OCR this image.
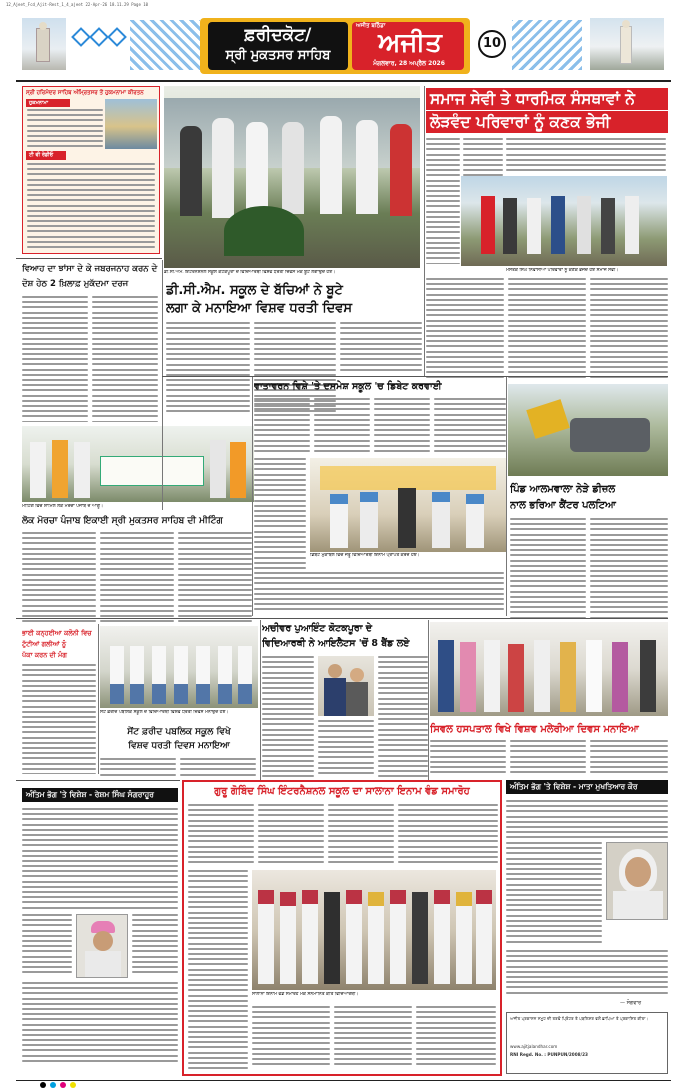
12_Ajeet_Fcd_Ajit-Rest_1_4_ajeet 22-Apr-26 18.11.29 Page 10
ਫ਼ਰੀਦਕੋਟ/
ਸ੍ਰੀ ਮੁਕਤਸਰ ਸਾਹਿਬ
ਅਜੀਤ ਬਠਿੰਡਾ
ਅਜੀਤ
ਮੰਗਲਵਾਰ, 28 ਅਪ੍ਰੈਲ 2026
10
ਸ੍ਰੀ ਹਰਿਮੰਦਰ ਸਾਹਿਬ ਅੰਮ੍ਰਿਤਸਰ ਤੋਂ ਹੁਕਮਨਾਮਾ ਕੀਰਤਨ
ਹੁਕਮਨਾਮਾ
ਟੀ ਵੀ ਰੇਡੀਓ
ਡੀ.ਸੀ.ਐਮ. ਇੰਟਰਨੈਸ਼ਨਲ ਸਕੂਲ ਕੋਟਕਪੂਰਾ ਦੇ ਵਿਦਿਆਰਥੀ ਵਿਸ਼ਵ ਧਰਤੀ ਦਿਵਸ ਮੌਕੇ ਬੂਟੇ ਲਗਾਉਂਦੇ ਹੋਏ।
ਸਮਾਜ ਸੇਵੀ ਤੇ ਧਾਰਮਿਕ ਸੰਸਥਾਵਾਂ ਨੇ
ਲੋੜਵੰਦ ਪਰਿਵਾਰਾਂ ਨੂੰ ਕਣਕ ਭੇਜੀ
ਮਸਤਕ ਸਿੰਘ ਨਿਵਾਸੀਆਂ ਪਰਿਵਾਰਾਂ ਨੂੰ ਕਣਕ ਭੇਜਦੇ ਹੋਏ ਸਮਾਜ ਸੇਵੀ।
ਵਿਆਹ ਦਾ ਝਾਂਸਾ ਦੇ ਕੇ ਜਬਰਜਨਾਹ ਕਰਨ ਦੇ
ਦੋਸ਼ ਹੇਠ 2 ਖ਼ਿਲਾਫ਼ ਮੁਕੱਦਮਾ ਦਰਜ	ਡੀ.ਸੀ.ਐਮ. ਸਕੂਲ ਦੇ ਬੱਚਿਆਂ ਨੇ ਬੂਟੇ
ਲਗਾ ਕੇ ਮਨਾਇਆ ਵਿਸ਼ਵ ਧਰਤੀ ਦਿਵਸ
ਵਾਤਾਵਰਨ ਵਿਸ਼ੇ 'ਤੇ ਦਸਮੇਸ਼ ਸਕੂਲ 'ਚ ਡਿਬੇਟ ਕਰਵਾਈ
ਮੀਟਿੰਗ ਵਿਚ ਸ਼ਾਮਿਲ ਲੋਕ ਮੋਰਚਾ ਪੰਜਾਬ ਦੇ ਆਗੂ।
ਡਿਬੇਟ ਮੁਕਾਬਲੇ ਵਿਚ ਜੇਤੂ ਵਿਦਿਆਰਥੀ ਇਨਾਮ ਪ੍ਰਾਪਤ ਕਰਦੇ ਹੋਏ।
ਪਿੰਡ ਆਲਮਵਾਲਾ ਨੇੜੇ ਡੀਜ਼ਲ
ਨਾਲ ਭਰਿਆ ਕੈਂਟਰ ਪਲਟਿਆ
ਲੋਕ ਮੋਰਚਾ ਪੰਜਾਬ ਇਕਾਈ ਸ੍ਰੀ ਮੁਕਤਸਰ ਸਾਹਿਬ ਦੀ ਮੀਟਿੰਗ
ਭਾਈ ਕਨ੍ਹਈਆ ਕਲੋਨੀ ਵਿਚ
ਟੁੱਟੀਆਂ ਗਲੀਆਂ ਨੂੰ
ਪੱਕਾ ਕਰਨ ਦੀ ਮੰਗ
ਸੇਂਟ ਫ਼ਰੀਦ ਪਬਲਿਕ ਸਕੂਲ ਦੇ ਵਿਦਿਆਰਥੀ ਵਿਸ਼ਵ ਧਰਤੀ ਦਿਵਸ ਮਨਾਉਂਦੇ ਹੋਏ।
ਸੇਂਟ ਫ਼ਰੀਦ ਪਬਲਿਕ ਸਕੂਲ ਵਿਖੇ
ਵਿਸ਼ਵ ਧਰਤੀ ਦਿਵਸ ਮਨਾਇਆ
ਅਚੀਵਰ ਪੁਆਇੰਟ ਕੋਟਕਪੂਰਾ ਦੇ
ਵਿਦਿਆਰਥੀ ਨੇ ਆਇਲੈਟਸ 'ਚੋਂ 8 ਬੈਂਡ ਲਏ
ਸਿਵਲ ਹਸਪਤਾਲ ਵਿਖੇ ਵਿਸ਼ਵ ਮਲੇਰੀਆ ਦਿਵਸ ਮਨਾਇਆ
ਗੁਰੂ ਗੋਬਿੰਦ ਸਿੰਘ ਇੰਟਰਨੈਸ਼ਨਲ ਸਕੂਲ ਦਾ ਸਾਲਾਨਾ ਇਨਾਮ ਵੰਡ ਸਮਾਰੋਹ
ਸਾਲਾਨਾ ਇਨਾਮ ਵੰਡ ਸਮਾਰੋਹ ਮੌਕੇ ਸਨਮਾਨਿਤ ਕੀਤੇ ਵਿਦਿਆਰਥੀ।
ਅੰਤਿਮ ਭੋਗ 'ਤੇ ਵਿਸ਼ੇਸ਼ - ਰੇਸ਼ਮ ਸਿੰਘ ਸੰਗਰਾਹੂਰ
ਅੰਤਿਮ ਭੋਗ 'ਤੇ ਵਿਸ਼ੇਸ਼ - ਮਾਤਾ ਮੁਖਤਿਆਰ ਕੌਰ
— ਸੋਗਵਾਰ
ਅਜੀਤ ਪ੍ਰਕਾਸ਼ਨ ਸਮੂਹ ਦੀ ਤਰਫੋਂ ਪ੍ਰਿੰਟਰ ਤੇ ਪਬਲਿਸ਼ਰ ਵਲੋਂ ਛਾਪਿਆ ਤੇ ਪ੍ਰਕਾਸ਼ਿਤ ਕੀਤਾ।
www.ajitjalandhar.com
RNI Regd. No. : PUNPUN/2008/23
